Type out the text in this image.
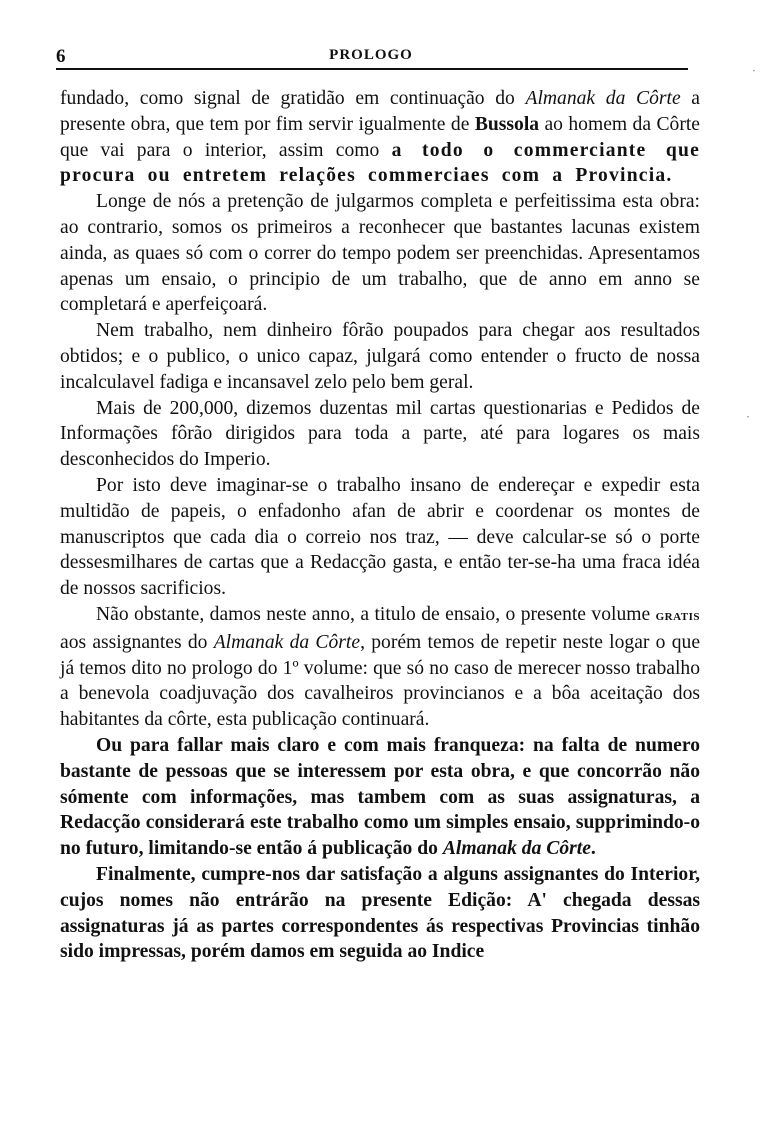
6	PROLOGO

fundado, como signal de gratidão em continuação do Almanak da Côrte a presente obra, que tem por fim servir igualmente de Bussola ao homem da Côrte que vai para o interior, assim como a todo o commerciante que procura ou entretem relações commerciaes com a Provincia.

Longe de nós a pretenção de julgarmos completa e perfeitissima esta obra: ao contrario, somos os primeiros a reconhecer que bastantes lacunas existem ainda, as quaes só com o correr do tempo podem ser preenchidas. Apresentamos apenas um ensaio, o principio de um trabalho, que de anno em anno se completará e aperfeiçoará.

Nem trabalho, nem dinheiro fôrão poupados para chegar aos resultados obtidos; e o publico, o unico capaz, julgará como entender o fructo de nossa incalculavel fadiga e incansavel zelo pelo bem geral.

Mais de 200,000, dizemos duzentas mil cartas questionarias e Pedidos de Informações fôrão dirigidos para toda a parte, até para logares os mais desconhecidos do Imperio.

Por isto deve imaginar-se o trabalho insano de endereçar e expedir esta multidão de papeis, o enfadonho afan de abrir e coordenar os montes de manuscriptos que cada dia o correio nos traz, — deve calcular-se só o porte dessesmilhares de cartas que a Redacção gasta, e então ter-se-ha uma fraca idéa de nossos sacrificios.

Não obstante, damos neste anno, a titulo de ensaio, o presente volume gratis aos assignantes do Almanak da Côrte, porém temos de repetir neste logar o que já temos dito no prologo do 1º volume: que só no caso de merecer nosso trabalho a benevola coadjuvação dos cavalheiros provincianos e a bôa aceitação dos habitantes da côrte, esta publicação continuará.

Ou para fallar mais claro e com mais franqueza: na falta de numero bastante de pessoas que se interessem por esta obra, e que concorrão não sómente com informações, mas tambem com as suas assignaturas, a Redacção considerará este trabalho como um simples ensaio, supprimindo-o no futuro, limitando-se então á publicação do Almanak da Côrte.

Finalmente, cumpre-nos dar satisfação a alguns assignantes do Interior, cujos nomes não entrárão na presente Edição: A' chegada dessas assignaturas já as partes correspondentes ás respectivas Provincias tinhão sido impressas, porém damos em seguida ao Indice

·
·
